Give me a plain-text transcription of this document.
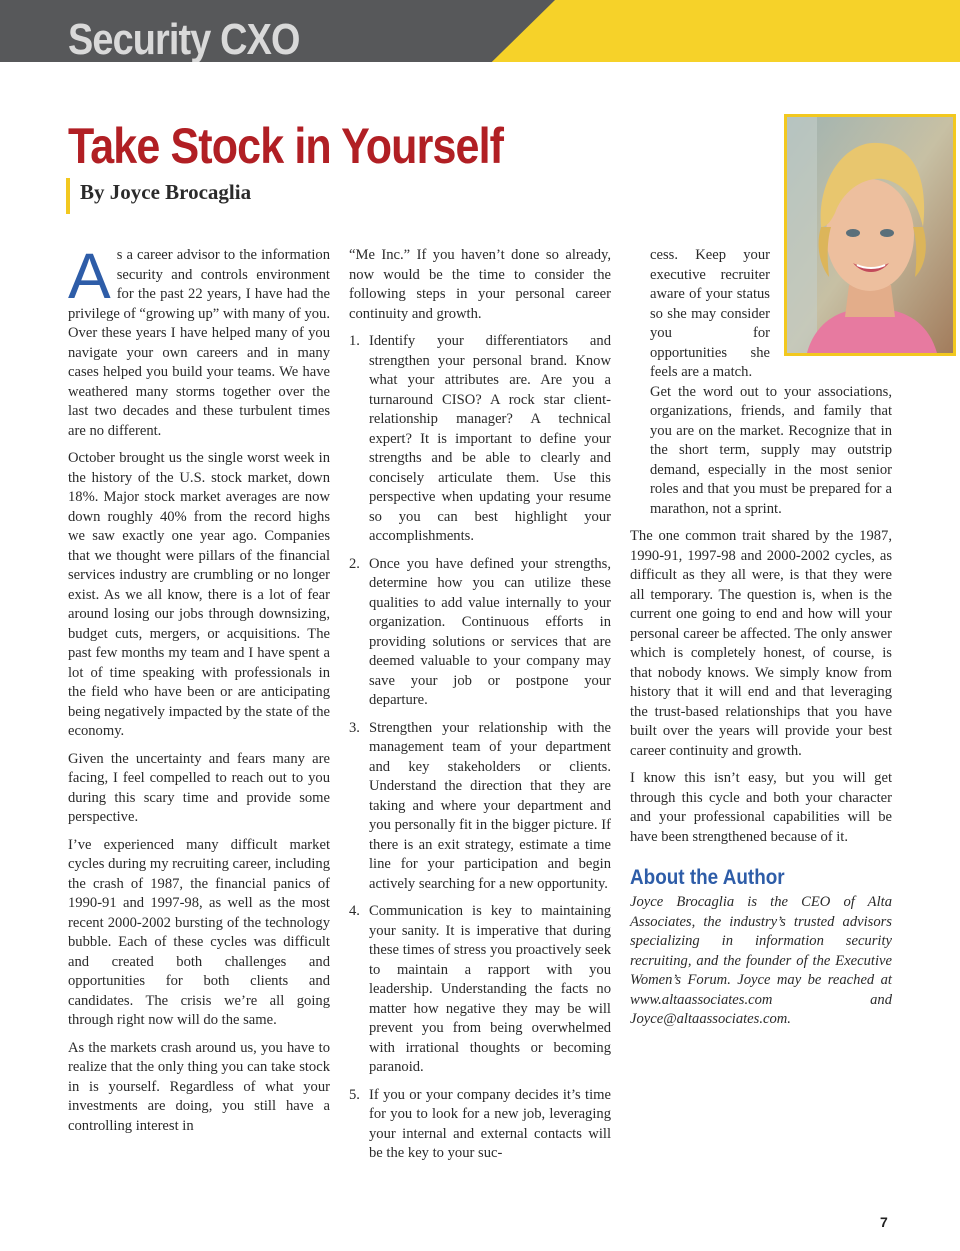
Security CXO
Take Stock in Yourself
By Joyce Brocaglia

As a career advisor to the information security and controls environment for the past 22 years, I have had the privilege of “growing up” with many of you. Over these years I have helped many of you navigate your own careers and in many cases helped you build your teams. We have weathered many storms together over the last two decades and these turbulent times are no different.

October brought us the single worst week in the history of the U.S. stock market, down 18%. Major stock market averages are now down roughly 40% from the record highs we saw exactly one year ago. Companies that we thought were pillars of the financial services industry are crumbling or no longer exist. As we all know, there is a lot of fear around losing our jobs through downsizing, budget cuts, mergers, or acquisitions. The past few months my team and I have spent a lot of time speaking with professionals in the field who have been or are anticipating being negatively impacted by the state of the economy.

Given the uncertainty and fears many are facing, I feel compelled to reach out to you during this scary time and provide some perspective.

I’ve experienced many difficult market cycles during my recruiting career, including the crash of 1987, the financial panics of 1990-91 and 1997-98, as well as the most recent 2000-2002 bursting of the technology bubble. Each of these cycles was difficult and created both challenges and opportunities for both clients and candidates. The crisis we’re all going through right now will do the same.

As the markets crash around us, you have to realize that the only thing you can take stock in is yourself. Regardless of what your investments are doing, you still have a controlling interest in

“Me Inc.” If you haven’t done so already, now would be the time to consider the following steps in your personal career continuity and growth.

1. Identify your differentiators and strengthen your personal brand. Know what your attributes are. Are you a turnaround CISO? A rock star client-relationship manager? A technical expert? It is important to define your strengths and be able to clearly and concisely articulate them. Use this perspective when updating your resume so you can best highlight your accomplishments.
2. Once you have defined your strengths, determine how you can utilize these qualities to add value internally to your organization. Continuous efforts in providing solutions or services that are deemed valuable to your company may save your job or postpone your departure.
3. Strengthen your relationship with the management team of your department and key stakeholders or clients. Understand the direction that they are taking and where your department and you personally fit in the bigger picture. If there is an exit strategy, estimate a time line for your participation and begin actively searching for a new opportunity.
4. Communication is key to maintaining your sanity. It is imperative that during these times of stress you proactively seek to maintain a rapport with you leadership. Understanding the facts no matter how negative they may be will prevent you from being overwhelmed with irrational thoughts or becoming paranoid.
5. If you or your company decides it’s time for you to look for a new job, leveraging your internal and external contacts will be the key to your suc-

cess. Keep your executive recruiter aware of your status so she may consider you for opportunities she feels are a match.

Get the word out to your associations, organizations, friends, and family that you are on the market. Recognize that in the short term, supply may outstrip demand, especially in the most senior roles and that you must be prepared for a marathon, not a sprint.

The one common trait shared by the 1987, 1990-91, 1997-98 and 2000-2002 cycles, as difficult as they all were, is that they were all temporary. The question is, when is the current one going to end and how will your personal career be affected. The only answer which is completely honest, of course, is that nobody knows. We simply know from history that it will end and that leveraging the trust-based relationships that you have built over the years will provide your best career continuity and growth.

I know this isn’t easy, but you will get through this cycle and both your character and your professional capabilities will be have been strengthened because of it.

About the Author

Joyce Brocaglia is the CEO of Alta Associates, the industry’s trusted advisors specializing in information security recruiting, and the founder of the Executive Women’s Forum. Joyce may be reached at www.altaassociates.com and Joyce@altaassociates.com.

7
